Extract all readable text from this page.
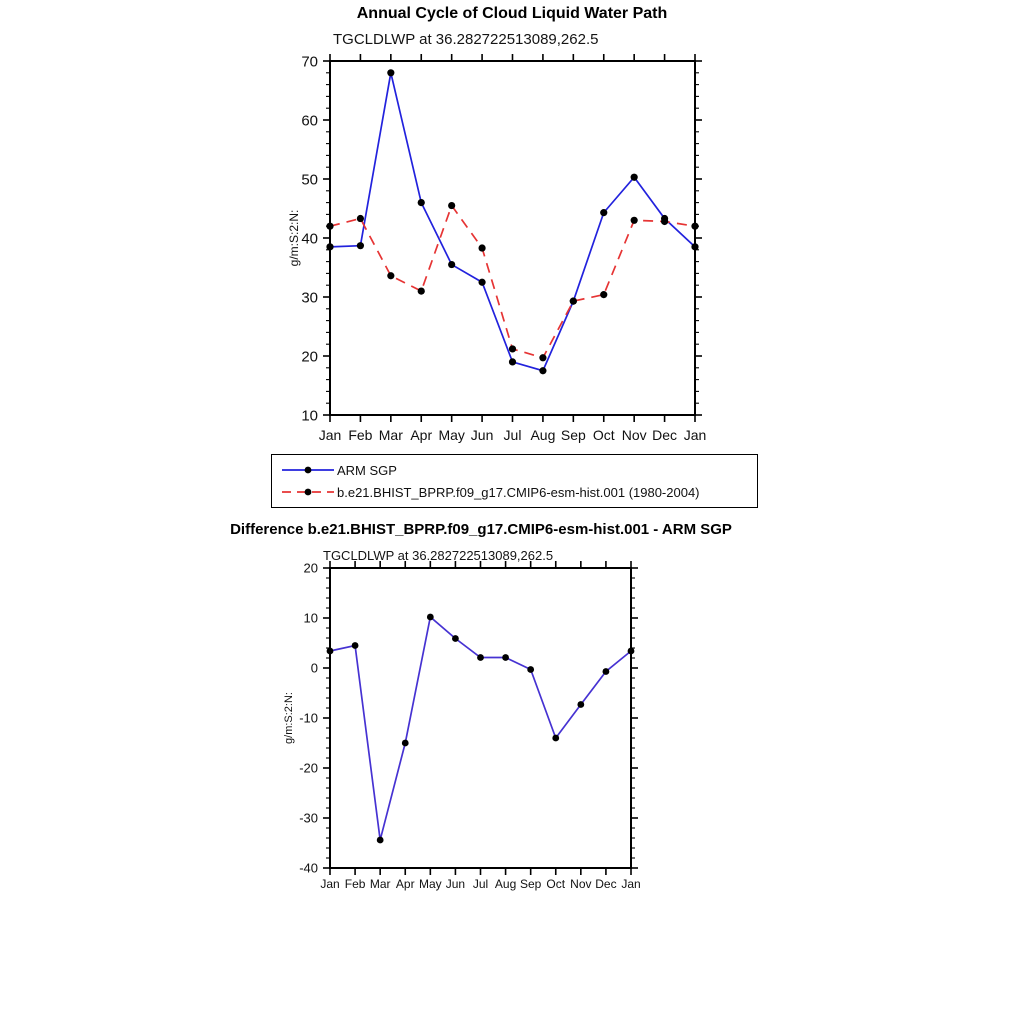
Annual Cycle of Cloud Liquid Water Path
TGCLDLWP at 36.282722513089,262.5
10
20
30
40
50
60
70
Jan Feb Mar Apr May Jun Jul Aug Sep Oct Nov Dec Jan
g/m:S:2:N:
-40
-30
-20
-10
0
10
20
Jan Feb Mar Apr May Jun Jul Aug Sep Oct Nov Dec Jan
g/m:S:2:N:
ARM SGP
b.e21.BHIST_BPRP.f09_g17.CMIP6-esm-hist.001 (1980-2004)
Difference b.e21.BHIST_BPRP.f09_g17.CMIP6-esm-hist.001 - ARM SGP
TGCLDLWP at 36.282722513089,262.5
